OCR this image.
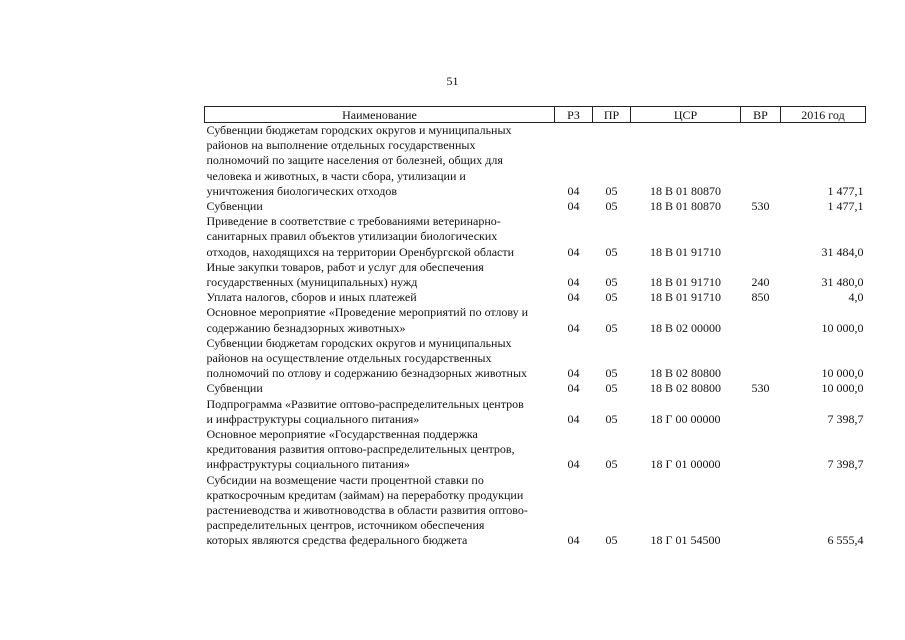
51
Наименование	РЗ	ПР	ЦСР	ВР	2016 год

Субвенции бюджетам городских округов и муниципальных
районов на выполнение отдельных государственных
полномочий по защите населения от болезней, общих для
человека и животных, в части сбора, утилизации и
уничтожения биологических отходов	04	05	18 В 01 80870		1 477,1

Субвенции	04	05	18 В 01 80870	530	1 477,1

Приведение в соответствие с требованиями ветеринарно-
санитарных правил объектов утилизации биологических
отходов, находящихся на территории Оренбургской области	04	05	18 В 01 91710		31 484,0

Иные закупки товаров, работ и услуг для обеспечения
государственных (муниципальных) нужд	04	05	18 В 01 91710	240	31 480,0

Уплата налогов, сборов и иных платежей	04	05	18 В 01 91710	850	4,0

Основное мероприятие «Проведение мероприятий по отлову и
содержанию безнадзорных животных»	04	05	18 В 02 00000		10 000,0

Субвенции бюджетам городских округов и муниципальных
районов на осуществление отдельных государственных
полномочий по отлову и содержанию безнадзорных животных	04	05	18 В 02 80800		10 000,0

Субвенции	04	05	18 В 02 80800	530	10 000,0

Подпрограмма «Развитие оптово-распределительных центров
и инфраструктуры социального питания»	04	05	18 Г 00 00000		7 398,7

Основное мероприятие «Государственная поддержка
кредитования развития оптово-распределительных центров,
инфраструктуры социального питания»	04	05	18 Г 01 00000		7 398,7

Субсидии на возмещение части процентной ставки по
краткосрочным кредитам (займам) на переработку продукции
растениеводства и животноводства в области развития оптово-
распределительных центров, источником обеспечения
которых являются средства федерального бюджета	04	05	18 Г 01 54500		6 555,4
